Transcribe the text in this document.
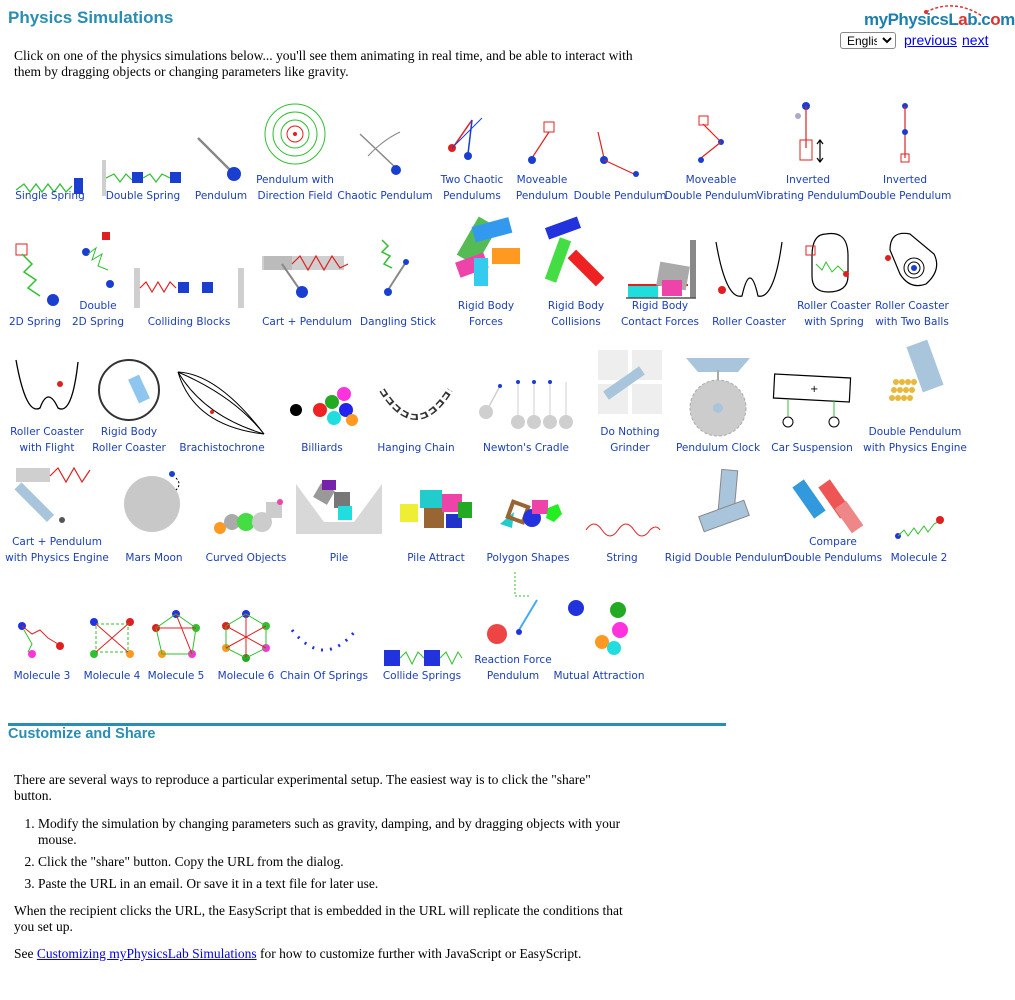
Physics Simulations	myPhysicsLab.com
English
previous next

Click on one of the physics simulations below... you'll see them animating in real time, and be able to interact with them by dragging objects or changing parameters like gravity.

Single Spring	Double Spring	Pendulum
Pendulum with
Direction Field Chaotic Pendulum
Two Chaotic
Pendulums
Moveable
Pendulum Double Pendulum
Moveable
Double Pendulum
Inverted
Vibrating Pendulum
Inverted
Double Pendulum
2D Spring
Double
2D Spring	Colliding Blocks	Cart + Pendulum Dangling Stick
Rigid Body
Forces
Rigid Body
Collisions
Rigid Body
Contact Forces	Roller Coaster
Roller Coaster
with Spring
Roller Coaster
with Two Balls
Roller Coaster
with Flight
Rigid Body
Roller Coaster	Brachistochrone	Billiards	Hanging Chain	Newton's Cradle
Do Nothing
Grinder	Pendulum Clock
+
Car Suspension
Double Pendulum
with Physics Engine
Cart + Pendulum
with Physics Engine	Mars Moon	Curved Objects	Pile	Pile Attract	Polygon Shapes	String	Rigid Double Pendulum
Compare
Double Pendulums Molecule 2
Molecule 3	Molecule 4 Molecule 5	Molecule 6 Chain Of Springs	Collide Springs
Reaction Force
Pendulum	Mutual Attraction
Customize and Share

There are several ways to reproduce a particular experimental setup. The easiest way is to click the "share" button.

1. Modify the simulation by changing parameters such as gravity, damping, and by dragging objects with your mouse.
2. Click the "share" button. Copy the URL from the dialog.
3. Paste the URL in an email. Or save it in a text file for later use.

When the recipient clicks the URL, the EasyScript that is embedded in the URL will replicate the conditions that you set up.

See Customizing myPhysicsLab Simulations for how to customize further with JavaScript or EasyScript.
